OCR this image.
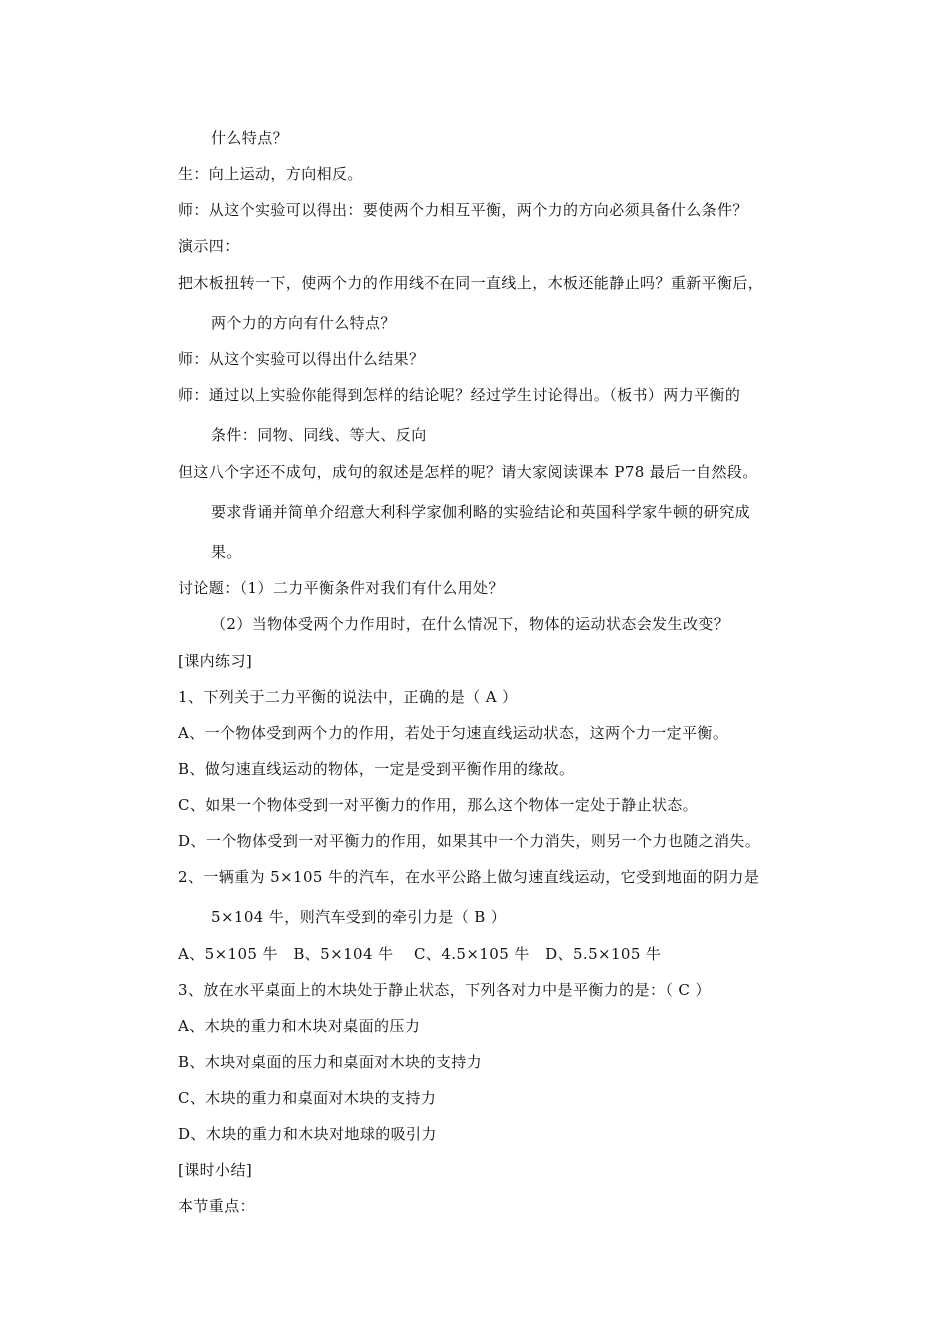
什么特点？
生：向上运动，方向相反。
师：从这个实验可以得出：要使两个力相互平衡，两个力的方向必须具备什么条件？
演示四：
把木板扭转一下，使两个力的作用线不在同一直线上，木板还能静止吗？重新平衡后，
两个力的方向有什么特点？
师：从这个实验可以得出什么结果？
师：通过以上实验你能得到怎样的结论呢？经过学生讨论得出。（板书）两力平衡的
条件：同物、同线、等大、反向
但这八个字还不成句，成句的叙述是怎样的呢？请大家阅读课本 P78 最后一自然段。
要求背诵并简单介绍意大利科学家伽利略的实验结论和英国科学家牛顿的研究成
果。
讨论题：（1）二力平衡条件对我们有什么用处？
（2）当物体受两个力作用时，在什么情况下，物体的运动状态会发生改变？
[课内练习]
1、下列关于二力平衡的说法中，正确的是（ A ）
A、一个物体受到两个力的作用，若处于匀速直线运动状态，这两个力一定平衡。
B、做匀速直线运动的物体，一定是受到平衡作用的缘故。
C、如果一个物体受到一对平衡力的作用，那么这个物体一定处于静止状态。
D、一个物体受到一对平衡力的作用，如果其中一个力消失，则另一个力也随之消失。
2、一辆重为 5×105 牛的汽车，在水平公路上做匀速直线运动，它受到地面的阴力是
5×104 牛，则汽车受到的牵引力是（ B ）
A、5×105 牛　B、5×104 牛　 C、4.5×105 牛　D、5.5×105 牛
3、放在水平桌面上的木块处于静止状态，下列各对力中是平衡力的是：（ C ）
A、木块的重力和木块对桌面的压力
B、木块对桌面的压力和桌面对木块的支持力
C、木块的重力和桌面对木块的支持力
D、木块的重力和木块对地球的吸引力
[课时小结]
本节重点：
